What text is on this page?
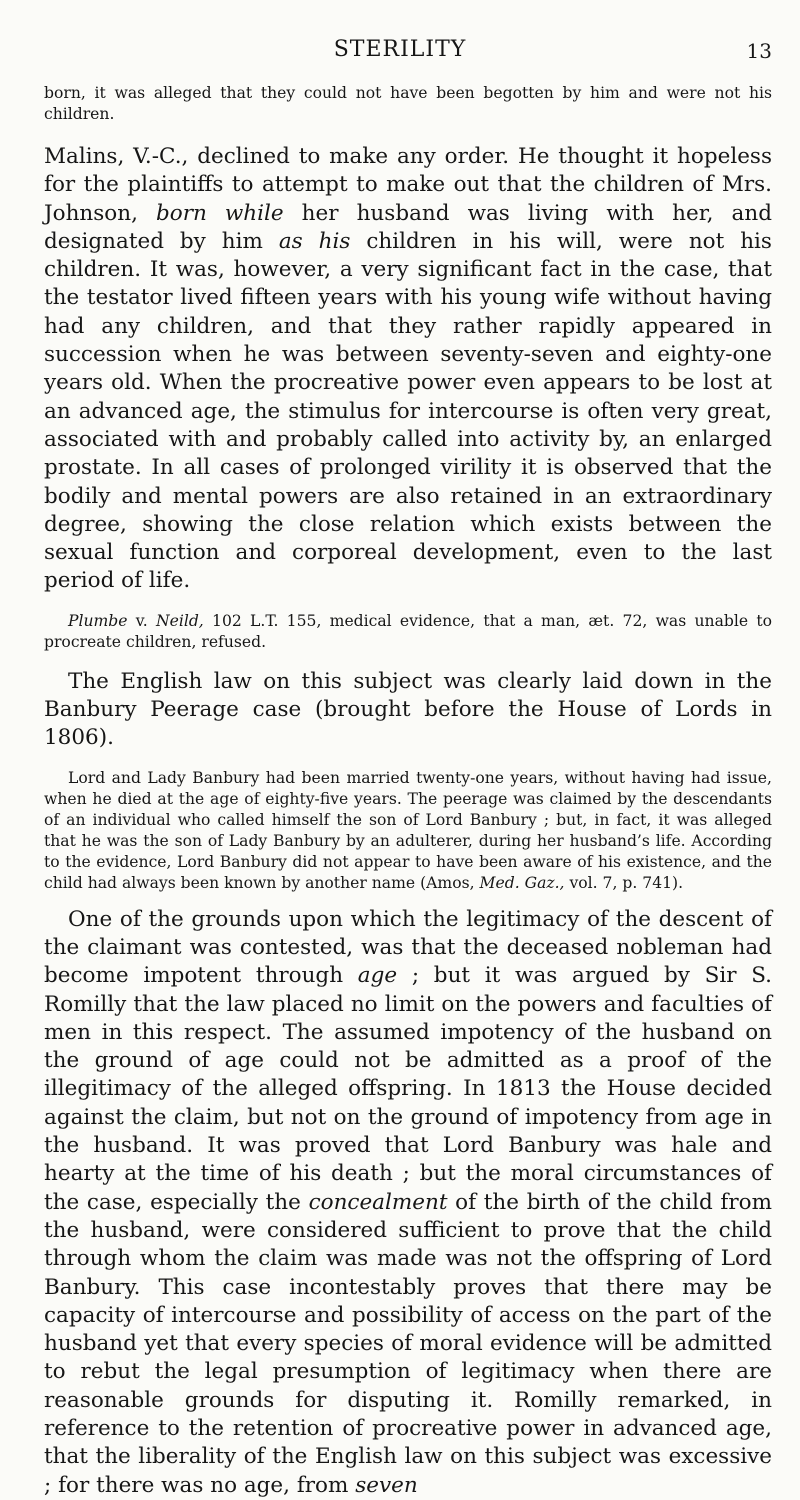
STERILITY	13

born, it was alleged that they could not have been begotten by him and were not his children.

Malins, V.-C., declined to make any order. He thought it hopeless for the plaintiffs to attempt to make out that the children of Mrs. Johnson, born while her husband was living with her, and designated by him as his children in his will, were not his children. It was, however, a very significant fact in the case, that the testator lived fifteen years with his young wife without having had any children, and that they rather rapidly appeared in succession when he was between seventy-seven and eighty-one years old. When the procreative power even appears to be lost at an advanced age, the stimulus for intercourse is often very great, associated with and probably called into activity by, an enlarged prostate. In all cases of prolonged virility it is observed that the bodily and mental powers are also retained in an extraordinary degree, showing the close relation which exists between the sexual function and corporeal development, even to the last period of life.

Plumbe v. Neild, 102 L.T. 155, medical evidence, that a man, æt. 72, was unable to procreate children, refused.

The English law on this subject was clearly laid down in the Banbury Peerage case (brought before the House of Lords in 1806).

Lord and Lady Banbury had been married twenty-one years, without having had issue, when he died at the age of eighty-five years. The peerage was claimed by the descendants of an individual who called himself the son of Lord Banbury ; but, in fact, it was alleged that he was the son of Lady Banbury by an adulterer, during her husband’s life. According to the evidence, Lord Banbury did not appear to have been aware of his existence, and the child had always been known by another name (Amos, Med. Gaz., vol. 7, p. 741).

One of the grounds upon which the legitimacy of the descent of the claimant was contested, was that the deceased nobleman had become impotent through age ; but it was argued by Sir S. Romilly that the law placed no limit on the powers and faculties of men in this respect. The assumed impotency of the husband on the ground of age could not be admitted as a proof of the illegitimacy of the alleged offspring. In 1813 the House decided against the claim, but not on the ground of impotency from age in the husband. It was proved that Lord Banbury was hale and hearty at the time of his death ; but the moral circumstances of the case, especially the concealment of the birth of the child from the husband, were considered sufficient to prove that the child through whom the claim was made was not the offspring of Lord Banbury. This case incontestably proves that there may be capacity of intercourse and possibility of access on the part of the husband yet that every species of moral evidence will be admitted to rebut the legal presumption of legitimacy when there are reasonable grounds for disputing it. Romilly remarked, in reference to the retention of procreative power in advanced age, that the liberality of the English law on this subject was excessive ; for there was no age, from seven
